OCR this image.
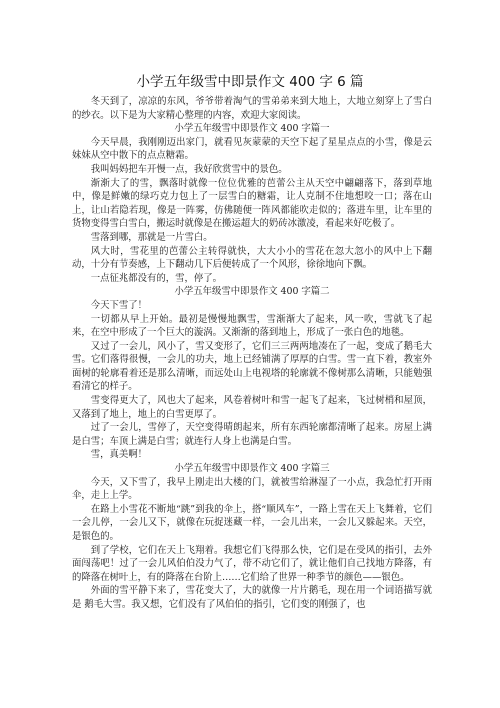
小学五年级雪中即景作文 400 字 6 篇

冬天到了，凉凉的东风，爷爷带着淘气的雪弟弟来到大地上，大地立刻穿上了雪白的纱衣。以下是为大家精心整理的内容，欢迎大家阅读。

小学五年级雪中即景作文 400 字篇一

今天早晨，我刚刚迈出家门，就看见灰蒙蒙的天空下起了星星点点的小雪，像是云妹妹从空中散下的点点糖霜。

我叫妈妈把车开慢一点，我好欣赏雪中的景色。

渐渐大了的雪，飘落时就像一位位优雅的芭蕾公主从天空中翩翩落下，落到草地中，像是鲜嫩的绿巧克力包上了一层雪白的糖霜，让人克制不住地想咬一口；落在山上，让山若隐若现，像是一阵雾，仿佛随便一阵风都能吹走似的；落进车里，让车里的货物变得雪白雪白，搬运时就像是在搬运超大的奶砖冰激凌，看起来好吃极了。

雪落到哪，那就是一片雪白。

风大时，雪花里的芭蕾公主转得就快，大大小小的雪花在忽大忽小的风中上下翻动，十分有节奏感，上下翻动几下后便转成了一个风形，徐徐地向下飘。

一点征兆都没有的，雪，停了。

小学五年级雪中即景作文 400 字篇二

今天下雪了！

一切都从早上开始。最初是慢慢地飘雪，雪渐渐大了起来，风一吹，雪就飞了起来，在空中形成了一个巨大的漩涡。又渐渐的落到地上，形成了一张白色的地毯。

又过了一会儿，风小了，雪又变形了，它们三三两两地凑在了一起，变成了鹅毛大雪。它们落得很慢，一会儿的功夫，地上已经铺满了厚厚的白雪。雪一直下着，教室外面树的轮廓看着还是那么清晰，而远处山上电视塔的轮廓就不像树那么清晰，只能勉强看清它的样子。

雪变得更大了，风也大了起来，风卷着树叶和雪一起飞了起来，飞过树梢和屋顶，又落到了地上，地上的白雪更厚了。

过了一会儿，雪停了，天空变得晴朗起来，所有东西轮廓都清晰了起来。房屋上满是白雪；车顶上满是白雪；就连行人身上也满是白雪。

雪，真美啊！

小学五年级雪中即景作文 400 字篇三

今天，又下雪了，我早上刚走出大楼的门，就被雪给淋湿了一小点，我急忙打开雨伞，走上上学。

在路上小雪花不断地“跳”到我的伞上，搭“顺风车”，一路上雪在天上飞舞着，它们一会儿停，一会儿又下，就像在玩捉迷藏一样，一会儿出来，一会儿又躲起来。天空，是银色的。

到了学校，它们在天上飞翔着。我想它们飞得那么快，它们是在受风的指引，去外面闯荡吧！过了一会儿风伯伯没力气了，带不动它们了，就让他们自己找地方降落，有的降落在树叶上，有的降落在台阶上……它们给了世界一种季节的颜色——银色。

外面的雪平静下来了，雪花变大了，大的就像一片片鹅毛，现在用一个词语描写就是 鹅毛大雪。我又想，它们没有了风伯伯的指引，它们变的刚强了，也
